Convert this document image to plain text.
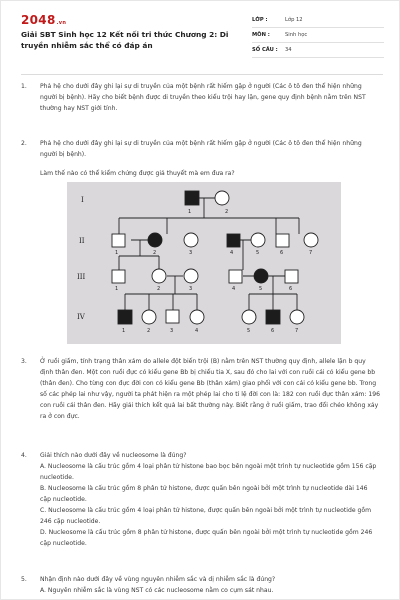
2048.vn
Giải SBT Sinh học 12 Kết nối tri thức Chương 2: Di truyền nhiễm sắc thể có đáp án
LỚP :	Lớp 12
MÔN :	Sinh học
SỐ CÂU :	34
1.	Phả hệ cho dưới đây ghi lại sự di truyền của một bệnh rất hiếm gặp ở người (Các ô tô đen thể hiện những người bị bệnh). Hãy cho biết bệnh được di truyền theo kiểu trội hay lặn, gene quy định bệnh nằm trên NST thường hay NST giới tính.
2.	Phả hệ cho dưới đây ghi lại sự di truyền của một bệnh rất hiếm gặp ở người (Các ô tô đen thể hiện những người bị bệnh).
Làm thế nào có thể kiểm chứng được giả thuyết mà em đưa ra?
I
II
III
IV
1	2
1	2	3	4	5	6	7
1	2	3	4	5	6
1	2	3	4	5	6	7
3.	Ở ruồi giấm, tính trạng thân xám do allele đột biến trội (B) nằm trên NST thường quy định, allele lặn b quy định thân đen. Một con ruồi đực có kiểu gene Bb bị chiếu tia X, sau đó cho lai với con ruồi cái có kiểu gene bb (thân đen). Cho từng con đực đời con có kiểu gene Bb (thân xám) giao phối với con cái có kiểu gene bb. Trong số các phép lai như vậy, người ta phát hiện ra một phép lai cho tỉ lệ đời con là: 182 con ruồi đực thân xám: 196 con ruồi cái thân đen. Hãy giải thích kết quả lai bất thường này. Biết rằng ở ruồi giấm, trao đổi chéo không xảy ra ở con đực.
4.	Giải thích nào dưới đây về nucleosome là đúng?
A. Nucleosome là cấu trúc gồm 4 loại phân tử histone bao bọc bên ngoài một trình tự nucleotide gồm 156 cặp nucleotide.
B. Nucleosome là cấu trúc gồm 8 phân tử histone, được quấn bên ngoài bởi một trình tự nucleotide dài 146 cặp nucleotide.
C. Nucleosome là cấu trúc gồm 4 loại phân tử histone, được quấn bên ngoài bởi một trình tự nucleotide gồm 246 cặp nucleotide.
D. Nucleosome là cấu trúc gồm 8 phân tử histone, được quấn bên ngoài bởi một trình tự nucleotide gồm 246 cặp nucleotide.
5.	Nhận định nào dưới đây về vùng nguyên nhiễm sắc và dị nhiễm sắc là đúng?
A. Nguyên nhiễm sắc là vùng NST có các nucleosome nằm co cụm sát nhau.
